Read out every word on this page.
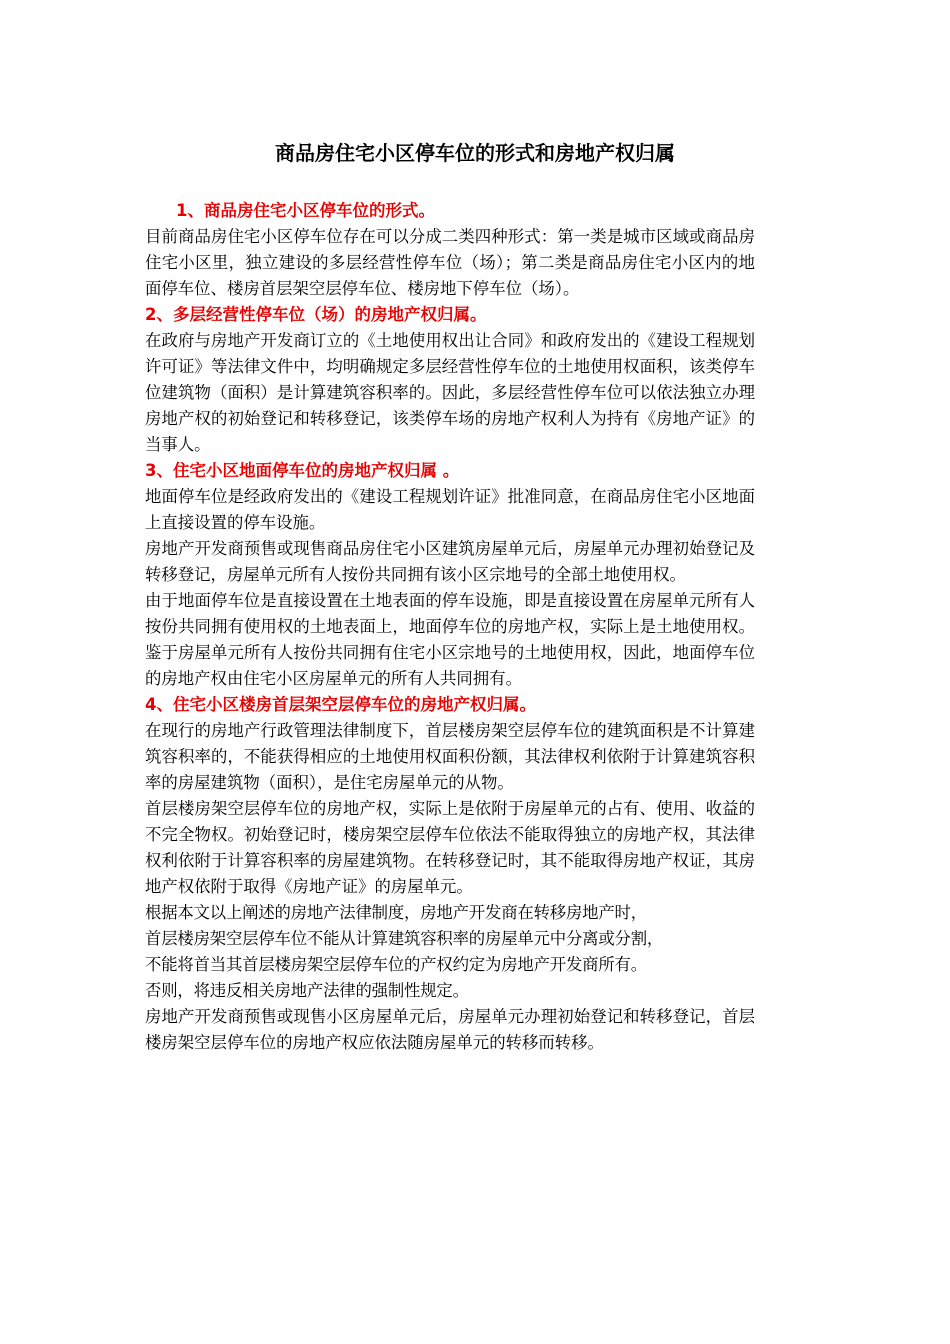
商品房住宅小区停车位的形式和房地产权归属

1、商品房住宅小区停车位的形式。

目前商品房住宅小区停车位存在可以分成二类四种形式：第一类是城市区域或商品房住宅小区里，独立建设的多层经营性停车位（场）；第二类是商品房住宅小区内的地面停车位、楼房首层架空层停车位、楼房地下停车位（场）。

2、多层经营性停车位（场）的房地产权归属。

在政府与房地产开发商订立的《土地使用权出让合同》和政府发出的《建设工程规划许可证》等法律文件中，均明确规定多层经营性停车位的土地使用权面积，该类停车位建筑物（面积）是计算建筑容积率的。因此，多层经营性停车位可以依法独立办理房地产权的初始登记和转移登记，该类停车场的房地产权利人为持有《房地产证》的当事人。

3、住宅小区地面停车位的房地产权归属 。

地面停车位是经政府发出的《建设工程规划许证》批准同意，在商品房住宅小区地面上直接设置的停车设施。

房地产开发商预售或现售商品房住宅小区建筑房屋单元后，房屋单元办理初始登记及转移登记，房屋单元所有人按份共同拥有该小区宗地号的全部土地使用权。

由于地面停车位是直接设置在土地表面的停车设施，即是直接设置在房屋单元所有人按份共同拥有使用权的土地表面上，地面停车位的房地产权，实际上是土地使用权。鉴于房屋单元所有人按份共同拥有住宅小区宗地号的土地使用权，因此，地面停车位的房地产权由住宅小区房屋单元的所有人共同拥有。

4、住宅小区楼房首层架空层停车位的房地产权归属。

在现行的房地产行政管理法律制度下，首层楼房架空层停车位的建筑面积是不计算建筑容积率的，不能获得相应的土地使用权面积份额，其法律权利依附于计算建筑容积率的房屋建筑物（面积），是住宅房屋单元的从物。

首层楼房架空层停车位的房地产权，实际上是依附于房屋单元的占有、使用、收益的不完全物权。初始登记时，楼房架空层停车位依法不能取得独立的房地产权，其法律权利依附于计算容积率的房屋建筑物。在转移登记时，其不能取得房地产权证，其房地产权依附于取得《房地产证》的房屋单元。

根据本文以上阐述的房地产法律制度，房地产开发商在转移房地产时，

首层楼房架空层停车位不能从计算建筑容积率的房屋单元中分离或分割，

不能将首当其首层楼房架空层停车位的产权约定为房地产开发商所有。

否则，将违反相关房地产法律的强制性规定。

房地产开发商预售或现售小区房屋单元后，房屋单元办理初始登记和转移登记，首层楼房架空层停车位的房地产权应依法随房屋单元的转移而转移。
